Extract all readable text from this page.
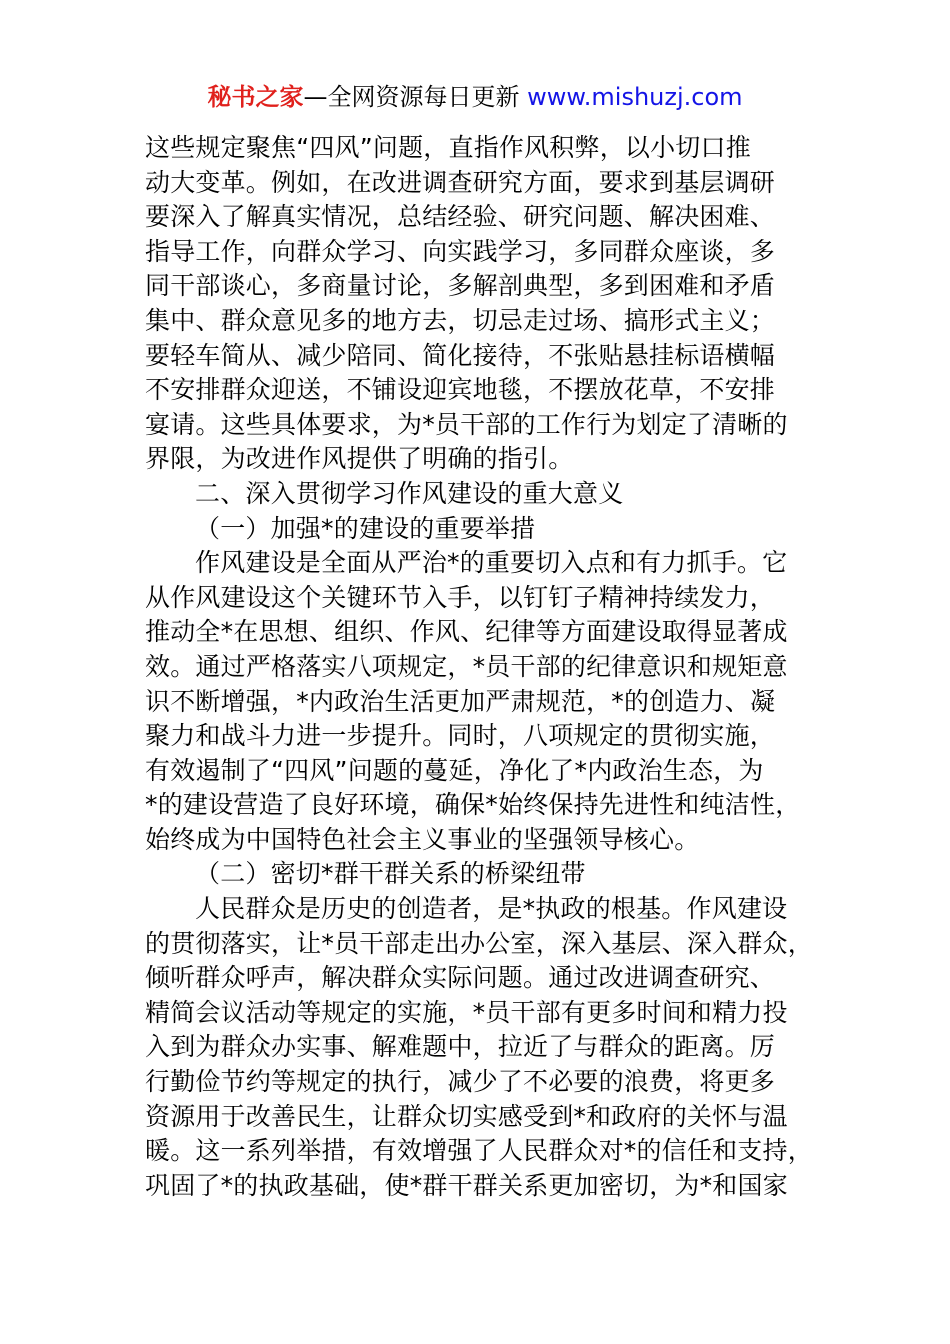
秘书之家—全网资源每日更新 www.mishuzj.com
这些规定聚焦“四风”问题，直指作风积弊，以小切口推
动大变革。例如，在改进调查研究方面，要求到基层调研
要深入了解真实情况，总结经验、研究问题、解决困难、
指导工作，向群众学习、向实践学习，多同群众座谈，多
同干部谈心，多商量讨论，多解剖典型，多到困难和矛盾
集中、群众意见多的地方去，切忌走过场、搞形式主义；
要轻车简从、减少陪同、简化接待，不张贴悬挂标语横幅
不安排群众迎送，不铺设迎宾地毯，不摆放花草，不安排
宴请。这些具体要求，为*员干部的工作行为划定了清晰的
界限，为改进作风提供了明确的指引。
二、深入贯彻学习作风建设的重大意义
（一）加强*的建设的重要举措
作风建设是全面从严治*的重要切入点和有力抓手。它
从作风建设这个关键环节入手，以钉钉子精神持续发力，
推动全*在思想、组织、作风、纪律等方面建设取得显著成
效。通过严格落实八项规定，*员干部的纪律意识和规矩意
识不断增强，*内政治生活更加严肃规范，*的创造力、凝
聚力和战斗力进一步提升。同时，八项规定的贯彻实施，
有效遏制了“四风”问题的蔓延，净化了*内政治生态，为
*的建设营造了良好环境，确保*始终保持先进性和纯洁性，
始终成为中国特色社会主义事业的坚强领导核心。
（二）密切*群干群关系的桥梁纽带
人民群众是历史的创造者，是*执政的根基。作风建设
的贯彻落实，让*员干部走出办公室，深入基层、深入群众，
倾听群众呼声，解决群众实际问题。通过改进调查研究、
精简会议活动等规定的实施，*员干部有更多时间和精力投
入到为群众办实事、解难题中，拉近了与群众的距离。厉
行勤俭节约等规定的执行，减少了不必要的浪费，将更多
资源用于改善民生，让群众切实感受到*和政府的关怀与温
暖。这一系列举措，有效增强了人民群众对*的信任和支持，
巩固了*的执政基础，使*群干群关系更加密切，为*和国家
